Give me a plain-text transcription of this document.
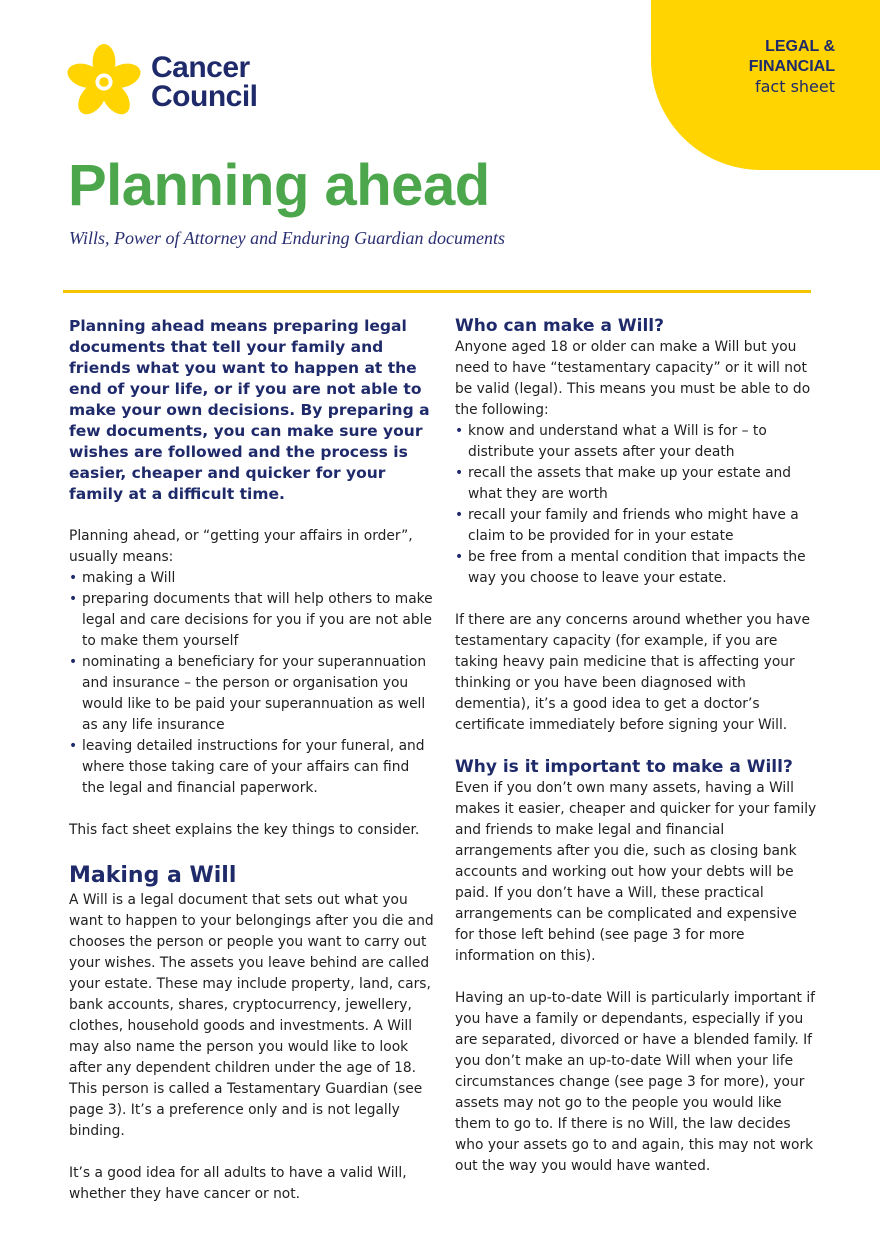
LEGAL &
FINANCIAL
fact sheet
Cancer
Council
Planning ahead
Wills, Power of Attorney and Enduring Guardian documents

Planning ahead means preparing legal documents that tell your family and friends what you want to happen at the end of your life, or if you are not able to make your own decisions. By preparing a few documents, you can make sure your wishes are followed and the process is easier, cheaper and quicker for your family at a difficult time.

Planning ahead, or “getting your affairs in order”, usually means:

• making a Will
• preparing documents that will help others to make legal and care decisions for you if you are not able to make them yourself
• nominating a beneficiary for your superannuation and insurance – the person or organisation you would like to be paid your superannuation as well as any life insurance
• leaving detailed instructions for your funeral, and where those taking care of your affairs can find the legal and financial paperwork.

This fact sheet explains the key things to consider.

Making a Will

A Will is a legal document that sets out what you want to happen to your belongings after you die and chooses the person or people you want to carry out your wishes. The assets you leave behind are called your estate. These may include property, land, cars, bank accounts, shares, cryptocurrency, jewellery, clothes, household goods and investments. A Will may also name the person you would like to look after any dependent children under the age of 18. This person is called a Testamentary Guardian (see page 3). It’s a preference only and is not legally binding.

It’s a good idea for all adults to have a valid Will, whether they have cancer or not.

Who can make a Will?

Anyone aged 18 or older can make a Will but you need to have “testamentary capacity” or it will not be valid (legal). This means you must be able to do the following:

• know and understand what a Will is for – to distribute your assets after your death
• recall the assets that make up your estate and what they are worth
• recall your family and friends who might have a claim to be provided for in your estate
• be free from a mental condition that impacts the way you choose to leave your estate.

If there are any concerns around whether you have testamentary capacity (for example, if you are taking heavy pain medicine that is affecting your thinking or you have been diagnosed with dementia), it’s a good idea to get a doctor’s certificate immediately before signing your Will.

Why is it important to make a Will?

Even if you don’t own many assets, having a Will makes it easier, cheaper and quicker for your family and friends to make legal and financial arrangements after you die, such as closing bank accounts and working out how your debts will be paid. If you don’t have a Will, these practical arrangements can be complicated and expensive for those left behind (see page 3 for more information on this).

Having an up-to-date Will is particularly important if you have a family or dependants, especially if you are separated, divorced or have a blended family. If you don’t make an up-to-date Will when your life circumstances change (see page 3 for more), your assets may not go to the people you would like them to go to. If there is no Will, the law decides who your assets go to and again, this may not work out the way you would have wanted.
